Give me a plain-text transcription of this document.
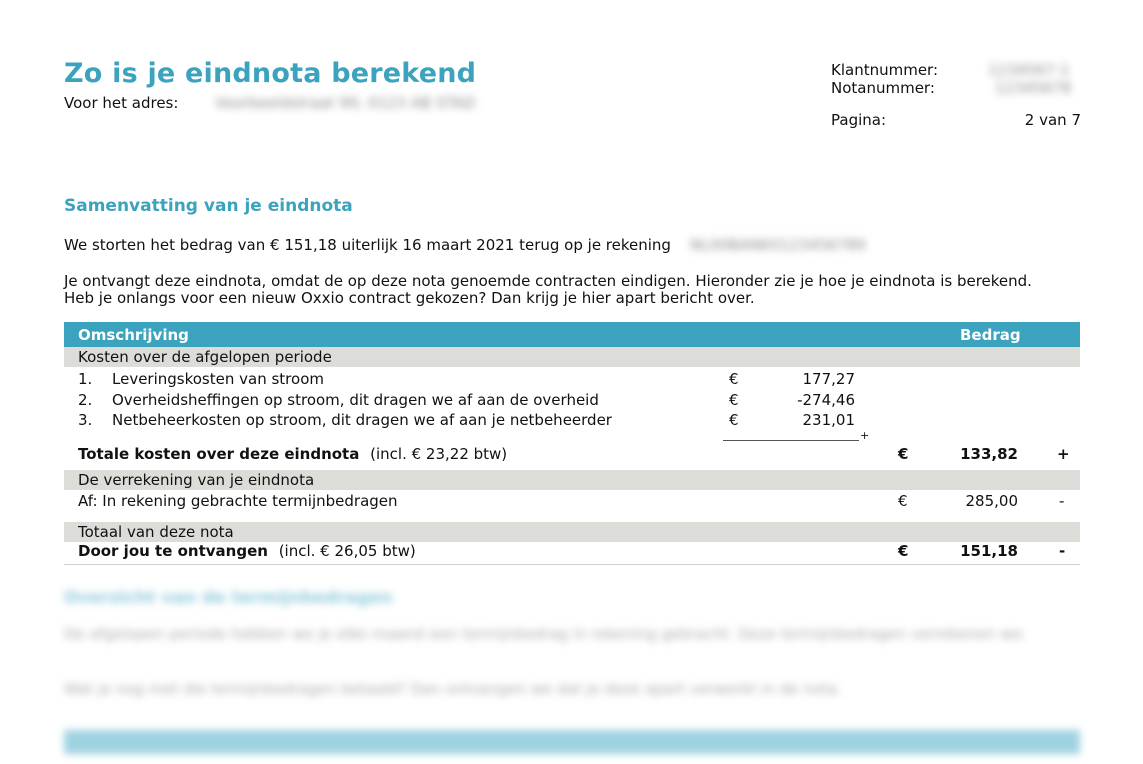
Zo is je eindnota berekend
Voor het adres: Voorbeeldstraat 99, 0123 AB STAD
Klantnummer:	1234567-1
Notanummer:	12345678
Pagina:	2 van 7
Samenvatting van je eindnota
We storten het bedrag van € 151,18 uiterlijk 16 maart 2021 terug op je rekening NL00BANK0123456789
Je ontvangt deze eindnota, omdat de op deze nota genoemde contracten eindigen. Hieronder zie je hoe je eindnota is berekend.
Heb je onlangs voor een nieuw Oxxio contract gekozen? Dan krijg je hier apart bericht over.
Omschrijving	Bedrag
Kosten over de afgelopen periode
1. Leveringskosten van stroom	€	177,27
2. Overheidsheffingen op stroom, dit dragen we af aan de overheid	€	-274,46
3. Netbeheerkosten op stroom, dit dragen we af aan je netbeheerder	€	231,01
+
Totale kosten over deze eindnota (incl. € 23,22 btw)	€	133,82	+
De verrekening van je eindnota
Af: In rekening gebrachte termijnbedragen	€	285,00	-
Totaal van deze nota
Door jou te ontvangen (incl. € 26,05 btw)	€	151,18	-
Overzicht van de termijnbedragen
De afgelopen periode hebben we je elke maand een termijnbedrag in rekening gebracht. Deze termijnbedragen verrekenen we.
Wat je nog met die termijnbedragen betaald? Dan ontvangen we dat je deze apart verwerkt in de nota.
